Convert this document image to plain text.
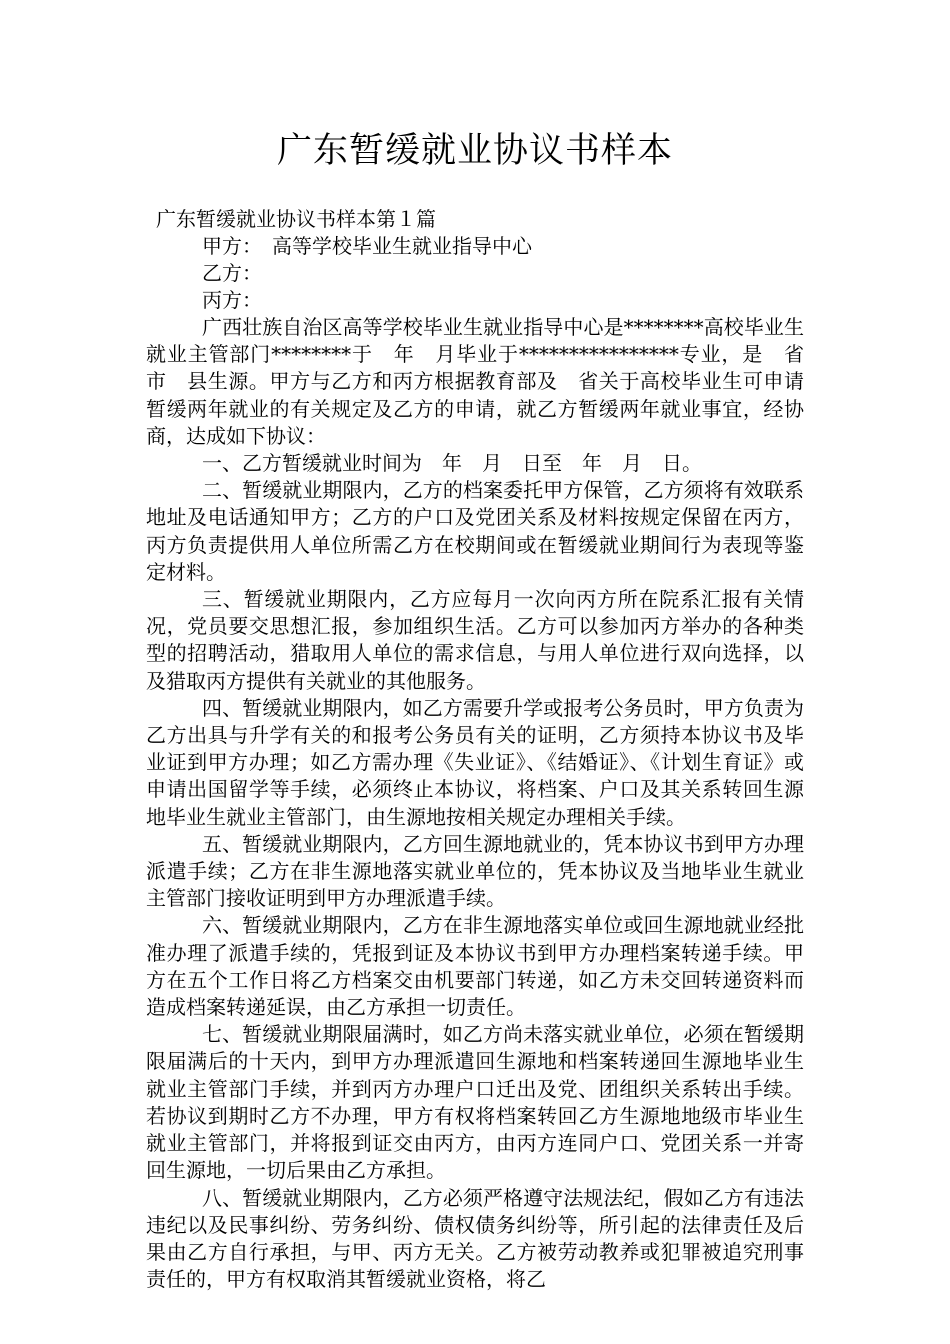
广东暂缓就业协议书样本
广东暂缓就业协议书样本第１篇

甲方：　高等学校毕业生就业指导中心

乙方：

丙方：

广西壮族自治区高等学校毕业生就业指导中心是********高校毕业生就业主管部门********于　年　月毕业于****************专业，是　省　市　县生源。甲方与乙方和丙方根据教育部及　省关于高校毕业生可申请暂缓两年就业的有关规定及乙方的申请，就乙方暂缓两年就业事宜，经协商，达成如下协议：

一、乙方暂缓就业时间为　年　月　日至　年　月　日。

二、暂缓就业期限内，乙方的档案委托甲方保管，乙方须将有效联系地址及电话通知甲方；乙方的户口及党团关系及材料按规定保留在丙方，丙方负责提供用人单位所需乙方在校期间或在暂缓就业期间行为表现等鉴定材料。

三、暂缓就业期限内，乙方应每月一次向丙方所在院系汇报有关情况，党员要交思想汇报，参加组织生活。乙方可以参加丙方举办的各种类型的招聘活动，猎取用人单位的需求信息，与用人单位进行双向选择，以及猎取丙方提供有关就业的其他服务。

四、暂缓就业期限内，如乙方需要升学或报考公务员时，甲方负责为乙方出具与升学有关的和报考公务员有关的证明，乙方须持本协议书及毕业证到甲方办理；如乙方需办理《失业证》、《结婚证》、《计划生育证》或申请出国留学等手续，必须终止本协议，将档案、户口及其关系转回生源地毕业生就业主管部门，由生源地按相关规定办理相关手续。

五、暂缓就业期限内，乙方回生源地就业的，凭本协议书到甲方办理派遣手续；乙方在非生源地落实就业单位的，凭本协议及当地毕业生就业主管部门接收证明到甲方办理派遣手续。

六、暂缓就业期限内，乙方在非生源地落实单位或回生源地就业经批准办理了派遣手续的，凭报到证及本协议书到甲方办理档案转递手续。甲方在五个工作日将乙方档案交由机要部门转递，如乙方未交回转递资料而造成档案转递延误，由乙方承担一切责任。

七、暂缓就业期限届满时，如乙方尚未落实就业单位，必须在暂缓期限届满后的十天内，到甲方办理派遣回生源地和档案转递回生源地毕业生就业主管部门手续，并到丙方办理户口迁出及党、团组织关系转出手续。若协议到期时乙方不办理，甲方有权将档案转回乙方生源地地级市毕业生就业主管部门，并将报到证交由丙方，由丙方连同户口、党团关系一并寄回生源地，一切后果由乙方承担。

八、暂缓就业期限内，乙方必须严格遵守法规法纪，假如乙方有违法违纪以及民事纠纷、劳务纠纷、债权债务纠纷等，所引起的法律责任及后果由乙方自行承担，与甲、丙方无关。乙方被劳动教养或犯罪被追究刑事责任的，甲方有权取消其暂缓就业资格，将乙
